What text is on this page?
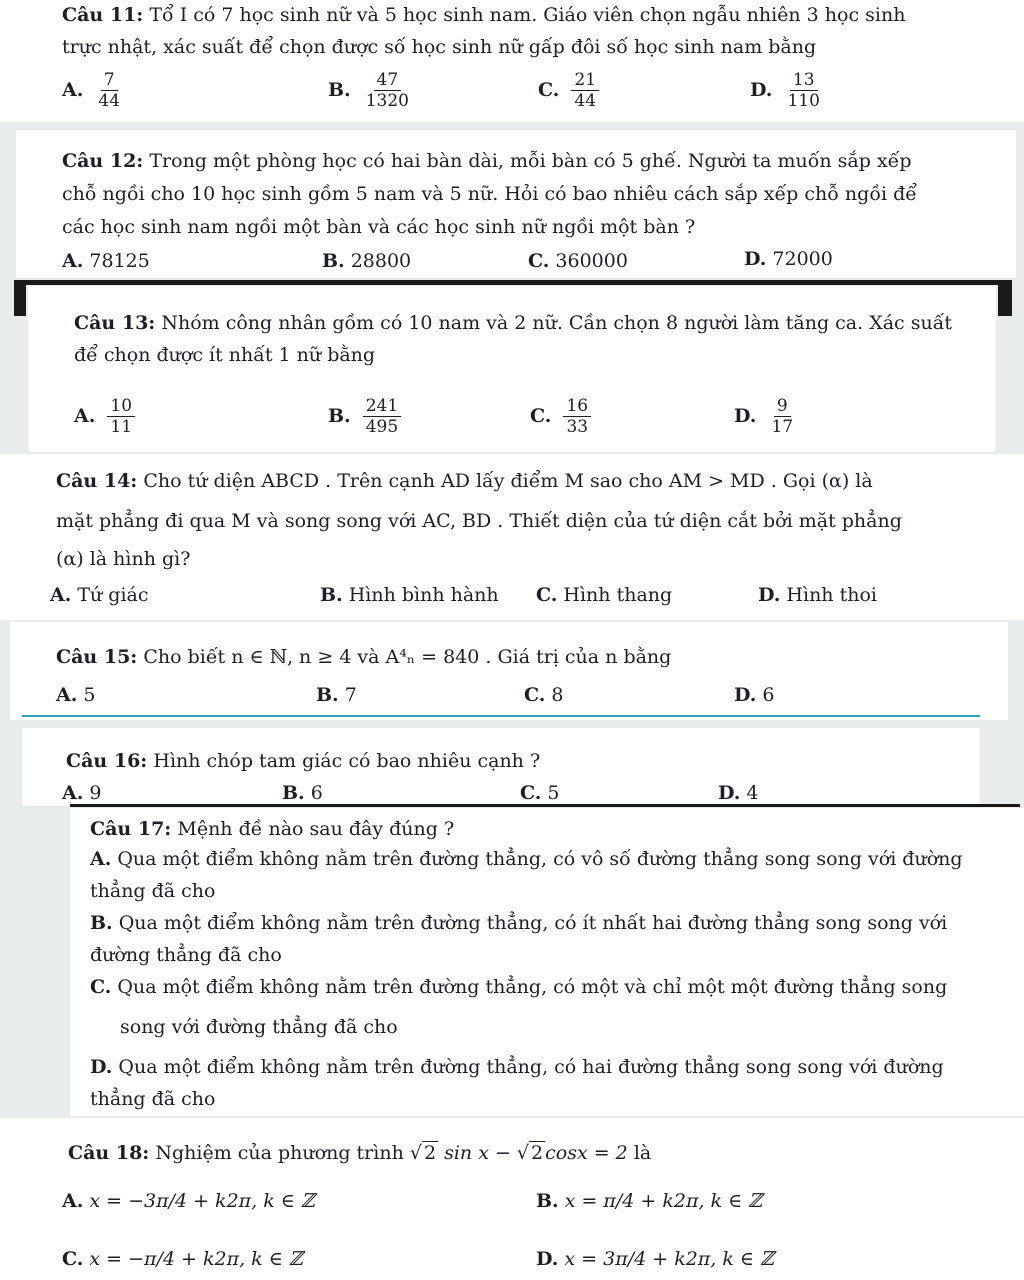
Câu 11: Tổ I có 7 học sinh nữ và 5 học sinh nam. Giáo viên chọn ngẫu nhiên 3 học sinh
trực nhật, xác suất để chọn được số học sinh nữ gấp đôi số học sinh nam bằng
A. $\frac{7}{44}$	B. $\frac{47}{1320}$	C. $\frac{21}{44}$	D. $\frac{13}{110}$
Câu 12: Trong một phòng học có hai bàn dài, mỗi bàn có 5 ghế. Người ta muốn sắp xếp
chỗ ngồi cho 10 học sinh gồm 5 nam và 5 nữ. Hỏi có bao nhiêu cách sắp xếp chỗ ngồi để
các học sinh nam ngồi một bàn và các học sinh nữ ngồi một bàn ?
A. 78125	B. 28800	C. 360000	D. 72000
Câu 13: Nhóm công nhân gồm có 10 nam và 2 nữ. Cần chọn 8 người làm tăng ca. Xác suất
để chọn được ít nhất 1 nữ bằng
A. $\frac{10}{11}$	B. $\frac{241}{495}$	C. $\frac{16}{33}$	D. $\frac{9}{17}$
Câu 14: Cho tứ diện ABCD . Trên cạnh AD lấy điểm M sao cho AM > MD . Gọi (α) là
mặt phẳng đi qua M và song song với AC, BD . Thiết diện của tứ diện cắt bởi mặt phẳng
(α) là hình gì?
A. Tứ giác	B. Hình bình hành C. Hình thang	D. Hình thoi
Câu 15: Cho biết n ∈ ℕ, n ≥ 4 và A⁴ₙ = 840 . Giá trị của n bằng
A. 5	B. 7	C. 8	D. 6
Câu 16: Hình chóp tam giác có bao nhiêu cạnh ?
A. 9	B. 6	C. 5	D. 4
Câu 17: Mệnh đề nào sau đây đúng ?
A. Qua một điểm không nằm trên đường thẳng, có vô số đường thẳng song song với đường
thẳng đã cho
B. Qua một điểm không nằm trên đường thẳng, có ít nhất hai đường thẳng song song với
đường thẳng đã cho
C. Qua một điểm không nằm trên đường thẳng, có một và chỉ một một đường thẳng song
song với đường thẳng đã cho
D. Qua một điểm không nằm trên đường thẳng, có hai đường thẳng song song với đường
thẳng đã cho
Câu 18: Nghiệm của phương trình √ 2 sin x − √ 2 cosx = 2 là
A. x = −3π/4 + k2π, k ∈ ℤ	B. x = π/4 + k2π, k ∈ ℤ
C. x = −π/4 + k2π, k ∈ ℤ	D. x = 3π/4 + k2π, k ∈ ℤ
